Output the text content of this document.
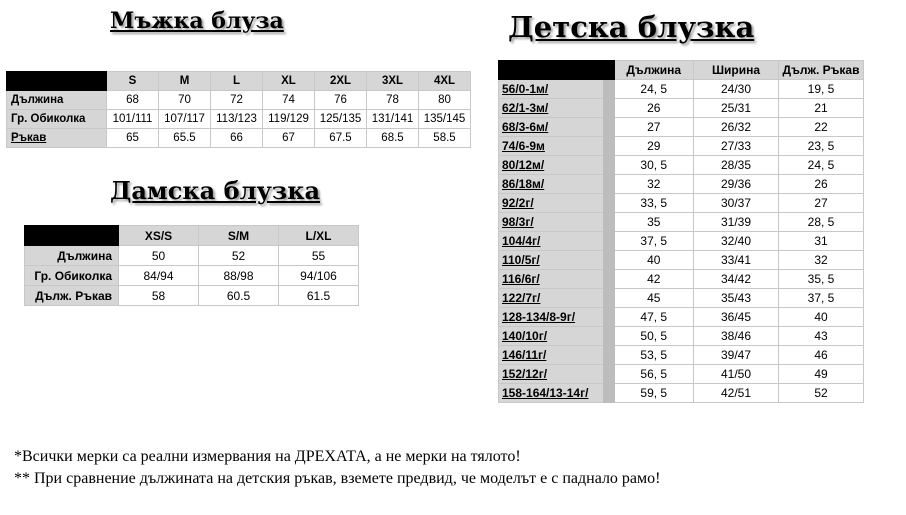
Мъжка блуза
	S	M	L	XL	2XL	3XL	4XL
Дължина	68	70	72	74	76	78	80
Гр. Обиколка	101/111	107/117	113/123	119/129	125/135	131/141	135/145
Ръкав	65	65.5	66	67	67.5	68.5	58.5
Дамска блузка
	XS/S	S/M	L/XL
Дължина	50	52	55
Гр. Обиколка	84/94	88/98	94/106
Дълж. Ръкав	58	60.5	61.5
Детска блузка
	Дължина	Ширина	Дълж. Ръкав
56/0-1м/	24, 5	24/30	19, 5
62/1-3м/	26	25/31	21
68/3-6м/	27	26/32	22
74/6-9м	29	27/33	23, 5
80/12м/	30, 5	28/35	24, 5
86/18м/	32	29/36	26
92/2г/	33, 5	30/37	27
98/3г/	35	31/39	28, 5
104/4г/	37, 5	32/40	31
110/5г/	40	33/41	32
116/6г/	42	34/42	35, 5
122/7г/	45	35/43	37, 5
128-134/8-9г/	47, 5	36/45	40
140/10г/	50, 5	38/46	43
146/11г/	53, 5	39/47	46
152/12г/	56, 5	41/50	49
158-164/13-14г/	59, 5	42/51	52
*Всички мерки са реални измервания на ДРЕХАТА, а не мерки на тялото!
** При сравнение дължината на детския ръкав, вземете предвид, че моделът е с паднало рамо!
